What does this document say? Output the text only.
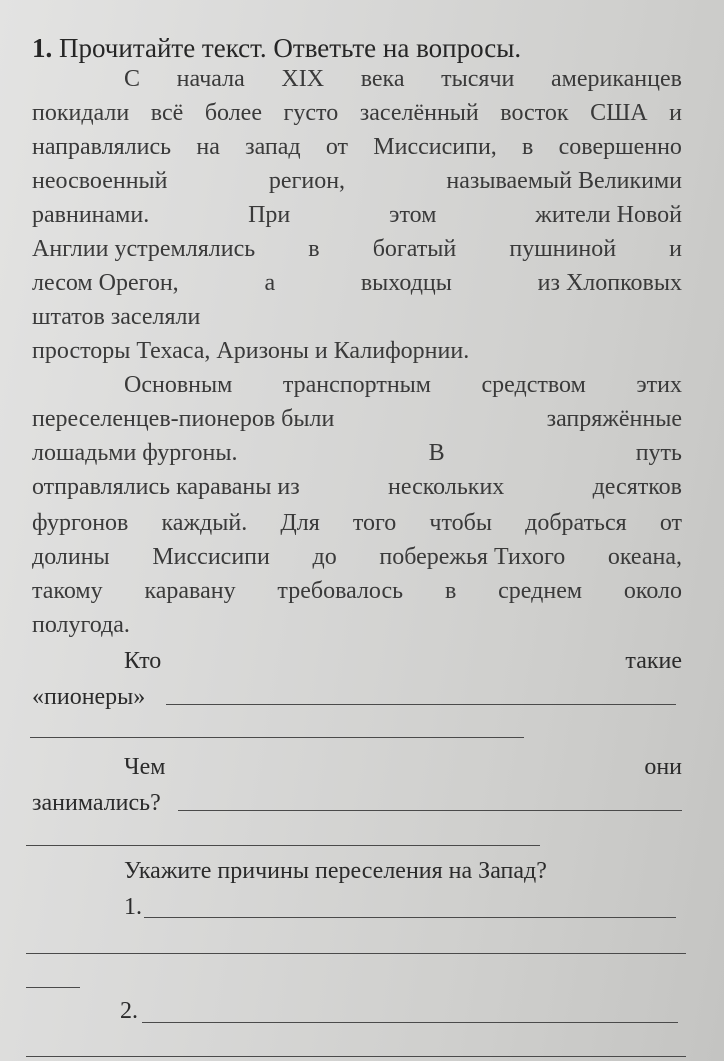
1. Прочитайте текст. Ответьте на вопросы.
С начала XIX века тысячи американцев
покидали всё более густо заселённый восток США и
направлялись на запад от Миссисипи, в совершенно
неосвоенный	регион,	называемый Великими
равнинами.	При	этом	жители Новой
Англии устремлялись в богатый пушниной и
лесом Орегон,	а	выходцы	из Хлопковых
штатов заселяли
просторы Техаса, Аризоны и Калифорнии.
Основным транспортным средством этих
переселенцев-пионеров были	запряжённые
лошадьми фургоны.	В	путь
отправлялись караваны из	нескольких	десятков
фургонов каждый. Для того чтобы добраться от
долины Миссисипи до побережья Тихого океана,
такому каравану требовалось в среднем около
полугода.
Кто	такие
«пионеры»
Чем	они
занимались?
Укажите причины переселения на Запад?
1.
2.
